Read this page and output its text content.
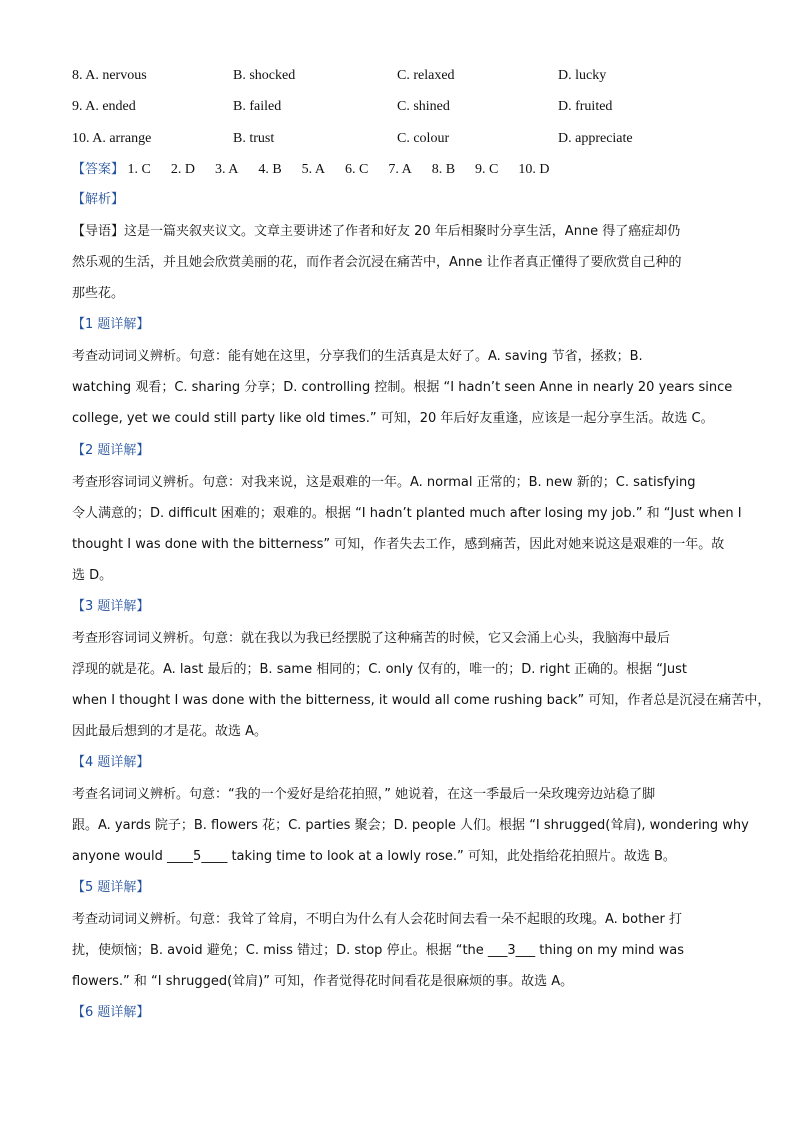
8. A. nervous	B. shocked	C. relaxed	D. lucky
9. A. ended	B. failed	C. shined	D. fruited
10. A. arrange	B. trust	C. colour	D. appreciate
【答案】 1. C 2. D 3. A 4. B 5. A 6. C 7. A 8. B 9. C 10. D
【解析】
【导语】这是一篇夹叙夹议文。文章主要讲述了作者和好友 20 年后相聚时分享生活，Anne 得了癌症却仍
然乐观的生活，并且她会欣赏美丽的花，而作者会沉浸在痛苦中，Anne 让作者真正懂得了要欣赏自己种的
那些花。
【1 题详解】
考查动词词义辨析。句意：能有她在这里，分享我们的生活真是太好了。A. saving 节省，拯救；B.
watching 观看；C. sharing 分享；D. controlling 控制。根据 “I hadn’t seen Anne in nearly 20 years since
college, yet we could still party like old times.” 可知，20 年后好友重逢，应该是一起分享生活。故选 C。
【2 题详解】
考查形容词词义辨析。句意：对我来说，这是艰难的一年。A. normal 正常的；B. new 新的；C. satisfying
令人满意的；D. difficult 困难的；艰难的。根据 “I hadn’t planted much after losing my job.” 和 “Just when I
thought I was done with the bitterness” 可知，作者失去工作，感到痛苦，因此对她来说这是艰难的一年。故
选 D。
【3 题详解】
考查形容词词义辨析。句意：就在我以为我已经摆脱了这种痛苦的时候，它又会涌上心头，我脑海中最后
浮现的就是花。A. last 最后的；B. same 相同的；C. only 仅有的，唯一的；D. right 正确的。根据 “Just
when I thought I was done with the bitterness, it would all come rushing back” 可知，作者总是沉浸在痛苦中，
因此最后想到的才是花。故选 A。
【4 题详解】
考查名词词义辨析。句意：“我的一个爱好是给花拍照，” 她说着，在这一季最后一朵玫瑰旁边站稳了脚
跟。A. yards 院子；B. flowers 花；C. parties 聚会；D. people 人们。根据 “I shrugged(耸肩), wondering why
anyone would ____5____ taking time to look at a lowly rose.” 可知，此处指给花拍照片。故选 B。
【5 题详解】
考查动词词义辨析。句意：我耸了耸肩，不明白为什么有人会花时间去看一朵不起眼的玫瑰。A. bother 打
扰，使烦恼；B. avoid 避免；C. miss 错过；D. stop 停止。根据 “the ___3___ thing on my mind was
flowers.” 和 “I shrugged(耸肩)” 可知，作者觉得花时间看花是很麻烦的事。故选 A。
【6 题详解】
